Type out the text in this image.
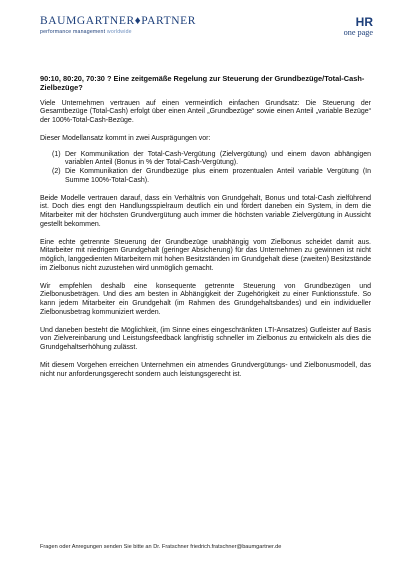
BAUMGARTNER♦PARTNER
performance management worldwide
HR
one page

90:10, 80:20, 70:30 ? Eine zeitgemäße Regelung zur Steuerung der Grundbezüge/Total-Cash-Zielbezüge?

Viele Unternehmen vertrauen auf einen vermeintlich einfachen Grundsatz: Die Steuerung der Gesamtbezüge (Total-Cash) erfolgt über einen Anteil „Grundbezüge“ sowie einen Anteil „variable Bezüge“ der 100%-Total-Cash-Bezüge.

Dieser Modellansatz kommt in zwei Ausprägungen vor:

(1) Der Kommunikation der Total-Cash-Vergütung (Zielvergütung) und einem davon abhängigen variablen Anteil (Bonus in % der Total-Cash-Vergütung).
(2) Die Kommunikation der Grundbezüge plus einem prozentualen Anteil variable Vergütung (In Summe 100%-Total-Cash).

Beide Modelle vertrauen darauf, dass ein Verhältnis von Grundgehalt, Bonus und total-Cash zielführend ist. Doch dies engt den Handlungsspielraum deutlich ein und fördert daneben ein System, in dem die Mitarbeiter mit der höchsten Grundvergütung auch immer die höchsten variable Zielvergütung in Aussicht gestellt bekommen.

Eine echte getrennte Steuerung der Grundbezüge unabhängig vom Zielbonus scheidet damit aus. Mitarbeiter mit niedrigem Grundgehalt (geringer Absicherung) für das Unternehmen zu gewinnen ist nicht möglich, langgedienten Mitarbeitern mit hohen Besitzständen im Grundgehalt diese (zweiten) Besitzstände im Zielbonus nicht zuzustehen wird unmöglich gemacht.

Wir empfehlen deshalb eine konsequente getrennte Steuerung von Grundbezügen und Zielbonusbeträgen. Und dies am besten in Abhängigkeit der Zugehörigkeit zu einer Funktionsstufe. So kann jedem Mitarbeiter ein Grundgehalt (im Rahmen des Grundgehaltsbandes) und ein individueller Zielbonusbetrag kommuniziert werden.

Und daneben besteht die Möglichkeit, (im Sinne eines eingeschränkten LTI-Ansatzes) Gutleister auf Basis von Zielvereinbarung und Leistungsfeedback langfristig schneller im Zielbonus zu entwickeln als dies die Grundgehaltserhöhung zulässt.

Mit diesem Vorgehen erreichen Unternehmen ein atmendes Grundvergütungs- und Zielbonusmodell, das nicht nur anforderungsgerecht sondern auch leistungsgerecht ist.

Fragen oder Anregungen senden Sie bitte an Dr. Fratschner friedrich.fratschner@baumgartner.de
